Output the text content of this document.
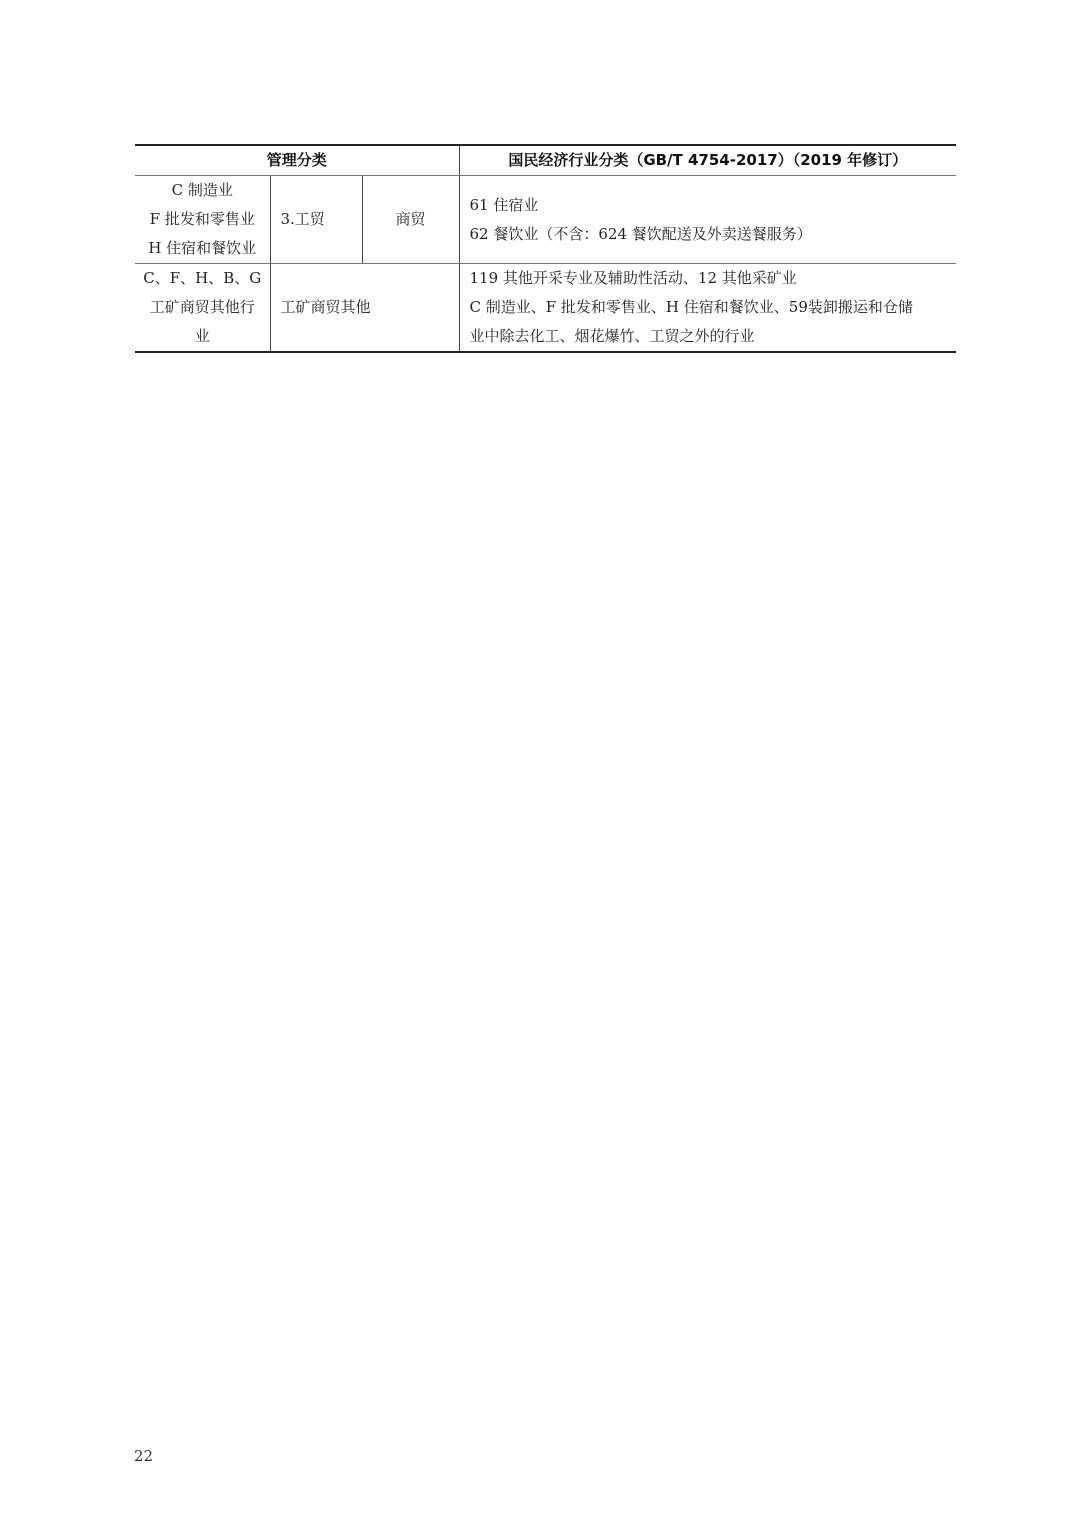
管理分类			国民经济行业分类（GB/T 4754-2017）（2019 年修订）

C 制造业
F 批发和零售业
H 住宿和餐饮业	3.工贸	商贸	61 住宿业
62 餐饮业（不含：624 餐饮配送及外卖送餐服务）

C、F、H、B、G
工矿商贸其他行
业	工矿商贸其他		119 其他开采专业及辅助性活动、12 其他采矿业
C 制造业、F 批发和零售业、H 住宿和餐饮业、59装卸搬运和仓储
业中除去化工、烟花爆竹、工贸之外的行业
22
